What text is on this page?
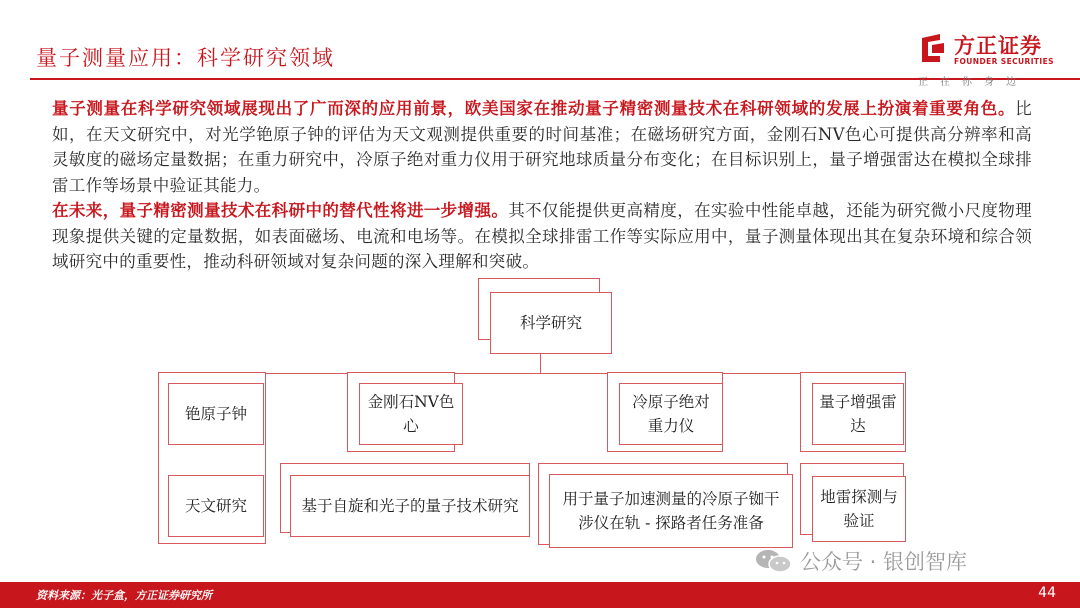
量子测量应用：科学研究领域	方正证券
FOUNDER SECURITIES
正在你身边

量子测量在科学研究领域展现出了广而深的应用前景，欧美国家在推动量子精密测量技术在科研领域的发展上扮演着重要角色。比如，在天文研究中，对光学铯原子钟的评估为天文观测提供重要的时间基准；在磁场研究方面，金刚石NV色心可提供高分辨率和高灵敏度的磁场定量数据；在重力研究中，冷原子绝对重力仪用于研究地球质量分布变化；在目标识别上，量子增强雷达在模拟全球排雷工作等场景中验证其能力。

在未来，量子精密测量技术在科研中的替代性将进一步增强。其不仅能提供更高精度，在实验中性能卓越，还能为研究微小尺度物理现象提供关键的定量数据，如表面磁场、电流和电场等。在模拟全球排雷工作等实际应用中，量子测量体现出其在复杂环境和综合领域研究中的重要性，推动科研领域对复杂问题的深入理解和突破。

科学研究
铯原子钟
天文研究
金刚石NV色心
基于自旋和光子的量子技术研究
冷原子绝对重力仪
用于量子加速测量的冷原子铷干涉仪在轨 - 探路者任务准备
量子增强雷达
地雷探测与验证
公众号 · 银创智库
资料来源：光子盒，方正证券研究所	44
